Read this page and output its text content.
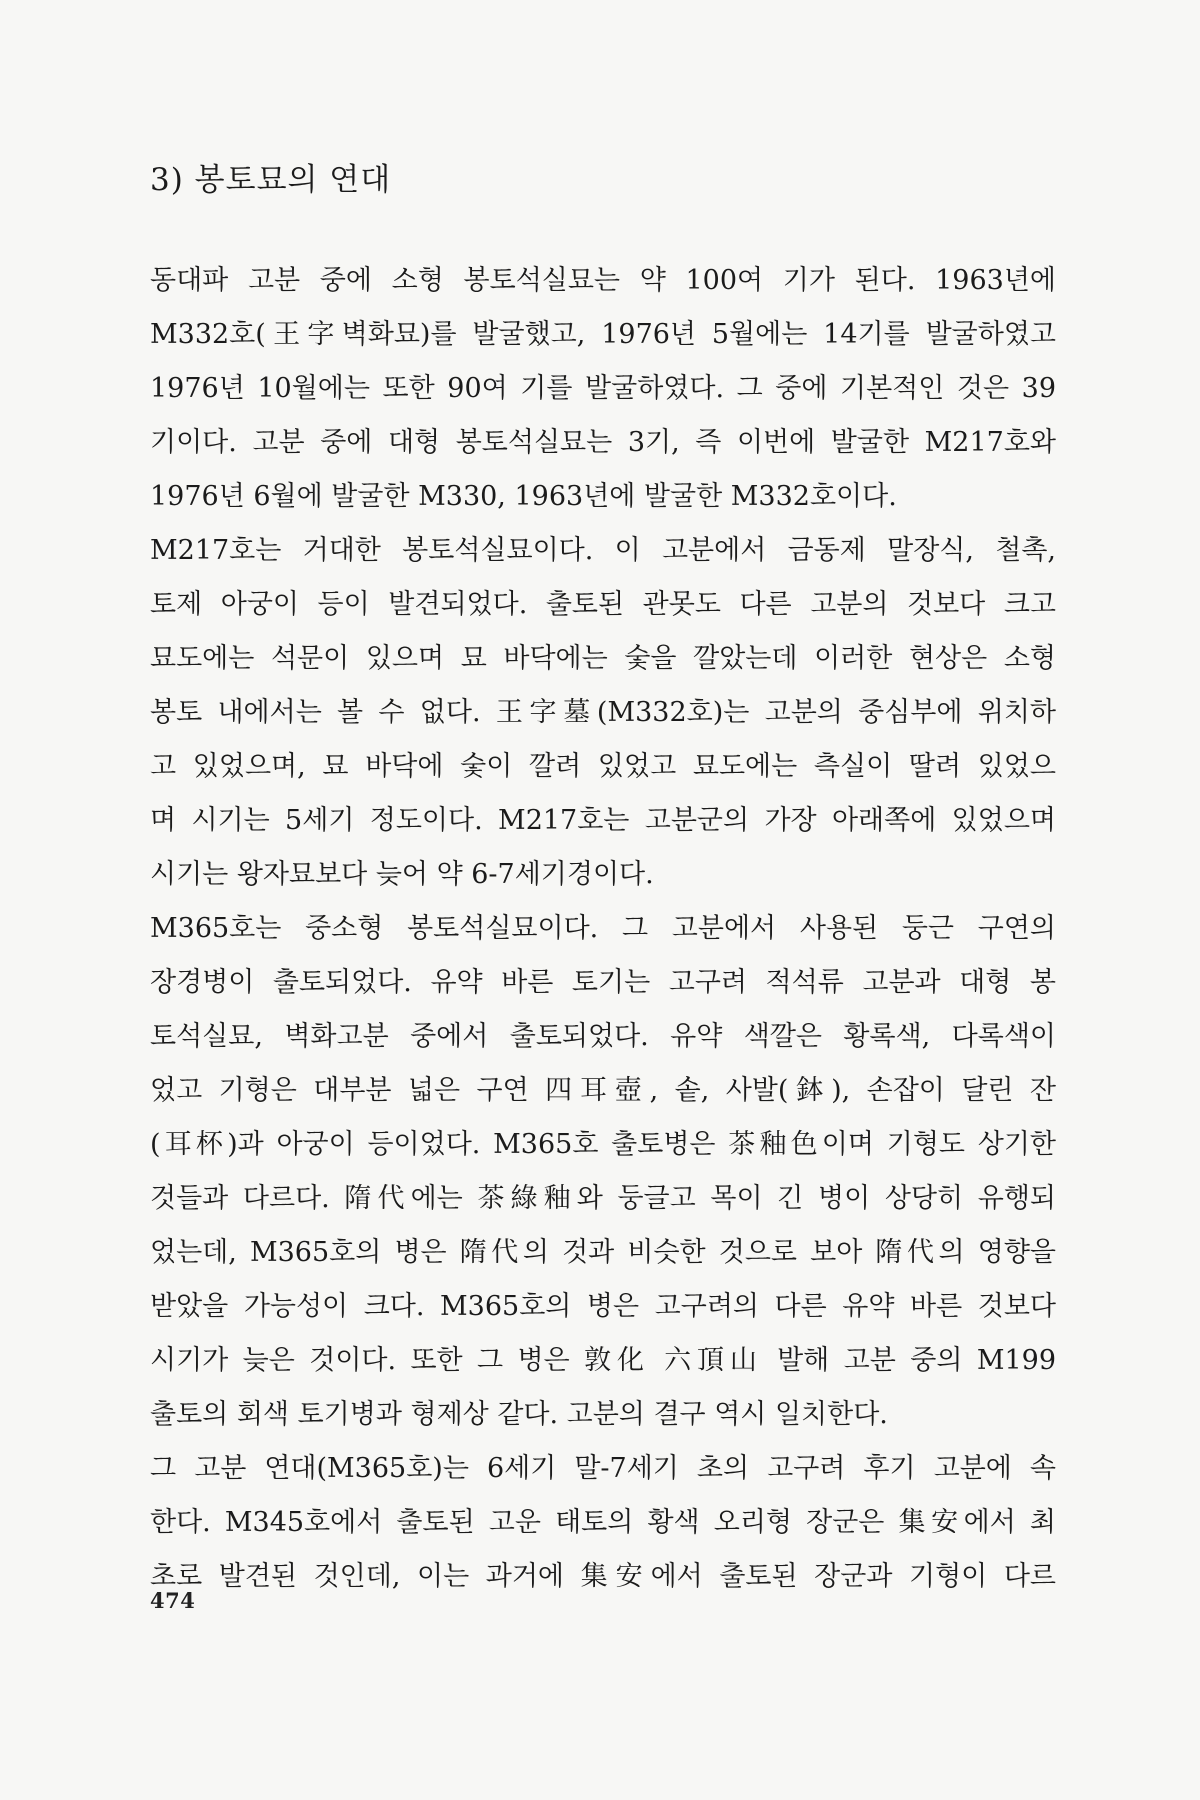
3) 봉토묘의 연대
동대파 고분 중에 소형 봉토석실묘는 약 100여 기가 된다. 1963년에
M332호(王字벽화묘)를 발굴했고, 1976년 5월에는 14기를 발굴하였고
1976년 10월에는 또한 90여 기를 발굴하였다. 그 중에 기본적인 것은 39
기이다. 고분 중에 대형 봉토석실묘는 3기, 즉 이번에 발굴한 M217호와
1976년 6월에 발굴한 M330, 1963년에 발굴한 M332호이다.
M217호는 거대한 봉토석실묘이다. 이 고분에서 금동제 말장식, 철촉,
토제 아궁이 등이 발견되었다. 출토된 관못도 다른 고분의 것보다 크고
묘도에는 석문이 있으며 묘 바닥에는 숯을 깔았는데 이러한 현상은 소형
봉토 내에서는 볼 수 없다. 王字墓(M332호)는 고분의 중심부에 위치하
고 있었으며, 묘 바닥에 숯이 깔려 있었고 묘도에는 측실이 딸려 있었으
며 시기는 5세기 정도이다. M217호는 고분군의 가장 아래쪽에 있었으며
시기는 왕자묘보다 늦어 약 6-7세기경이다.
M365호는 중소형 봉토석실묘이다. 그 고분에서 사용된 둥근 구연의
장경병이 출토되었다. 유약 바른 토기는 고구려 적석류 고분과 대형 봉
토석실묘, 벽화고분 중에서 출토되었다. 유약 색깔은 황록색, 다록색이
었고 기형은 대부분 넓은 구연 四耳壺, 솥, 사발(鉢), 손잡이 달린 잔
(耳杯)과 아궁이 등이었다. M365호 출토병은 茶釉色이며 기형도 상기한
것들과 다르다. 隋代에는 茶綠釉와 둥글고 목이 긴 병이 상당히 유행되
었는데, M365호의 병은 隋代의 것과 비슷한 것으로 보아 隋代의 영향을
받았을 가능성이 크다. M365호의 병은 고구려의 다른 유약 바른 것보다
시기가 늦은 것이다. 또한 그 병은 敦化 六頂山 발해 고분 중의 M199
출토의 회색 토기병과 형제상 같다. 고분의 결구 역시 일치한다.
그 고분 연대(M365호)는 6세기 말-7세기 초의 고구려 후기 고분에 속
한다. M345호에서 출토된 고운 태토의 황색 오리형 장군은 集安에서 최
초로 발견된 것인데, 이는 과거에 集安에서 출토된 장군과 기형이 다르
474
